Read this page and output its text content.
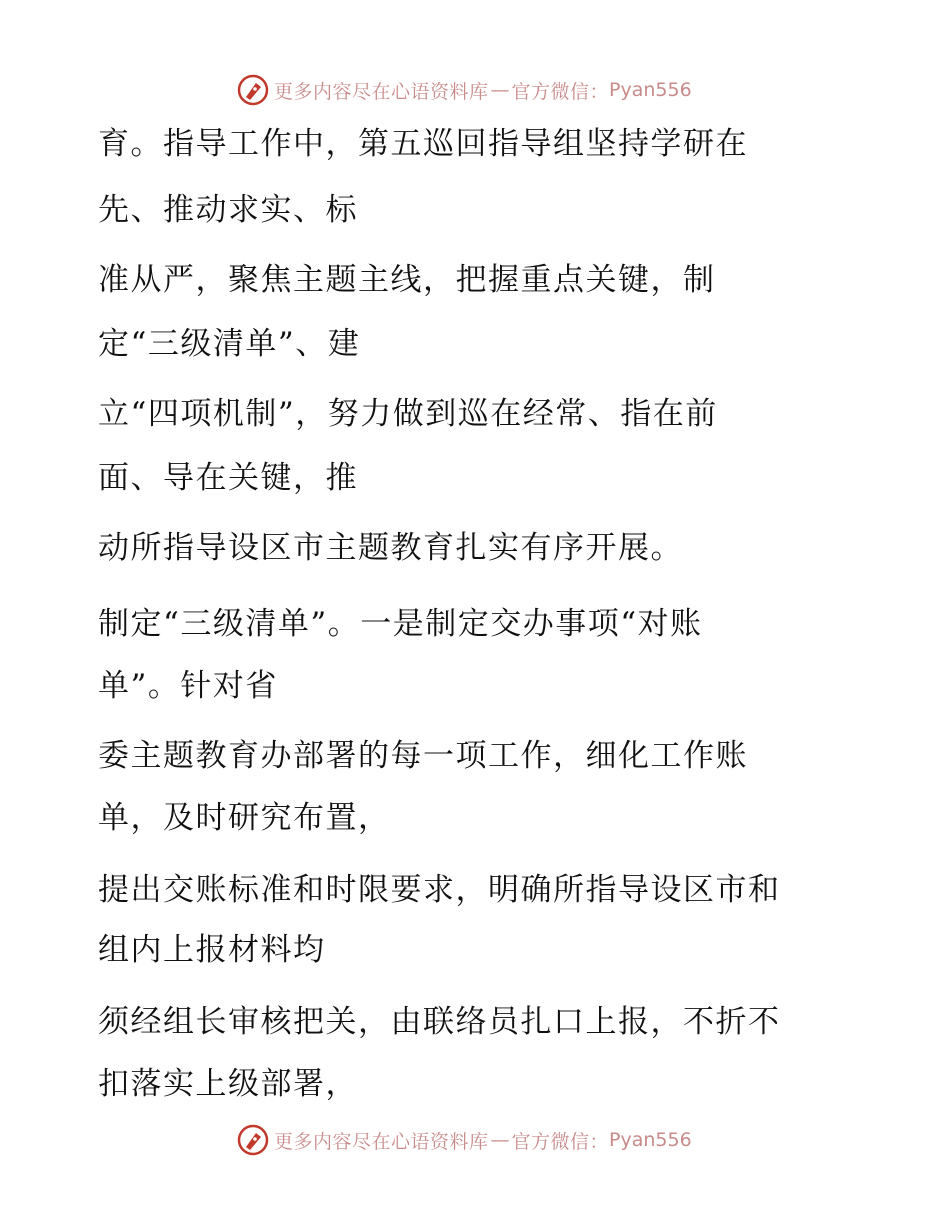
更多内容尽在心语资料库 — 官方微信： Pyan556
育。指导工作中，第五巡回指导组坚持学研在
先、推动求实、标
准从严，聚焦主题主线，把握重点关键，制
定“三级清单”、建
立“四项机制”，努力做到巡在经常、指在前
面、导在关键，推
动所指导设区市主题教育扎实有序开展。
制定“三级清单”。一是制定交办事项“对账
单”。针对省
委主题教育办部署的每一项工作，细化工作账
单，及时研究布置，
提出交账标准和时限要求，明确所指导设区市和
组内上报材料均
须经组长审核把关，由联络员扎口上报，不折不
扣落实上级部署，
更多内容尽在心语资料库 — 官方微信： Pyan556
